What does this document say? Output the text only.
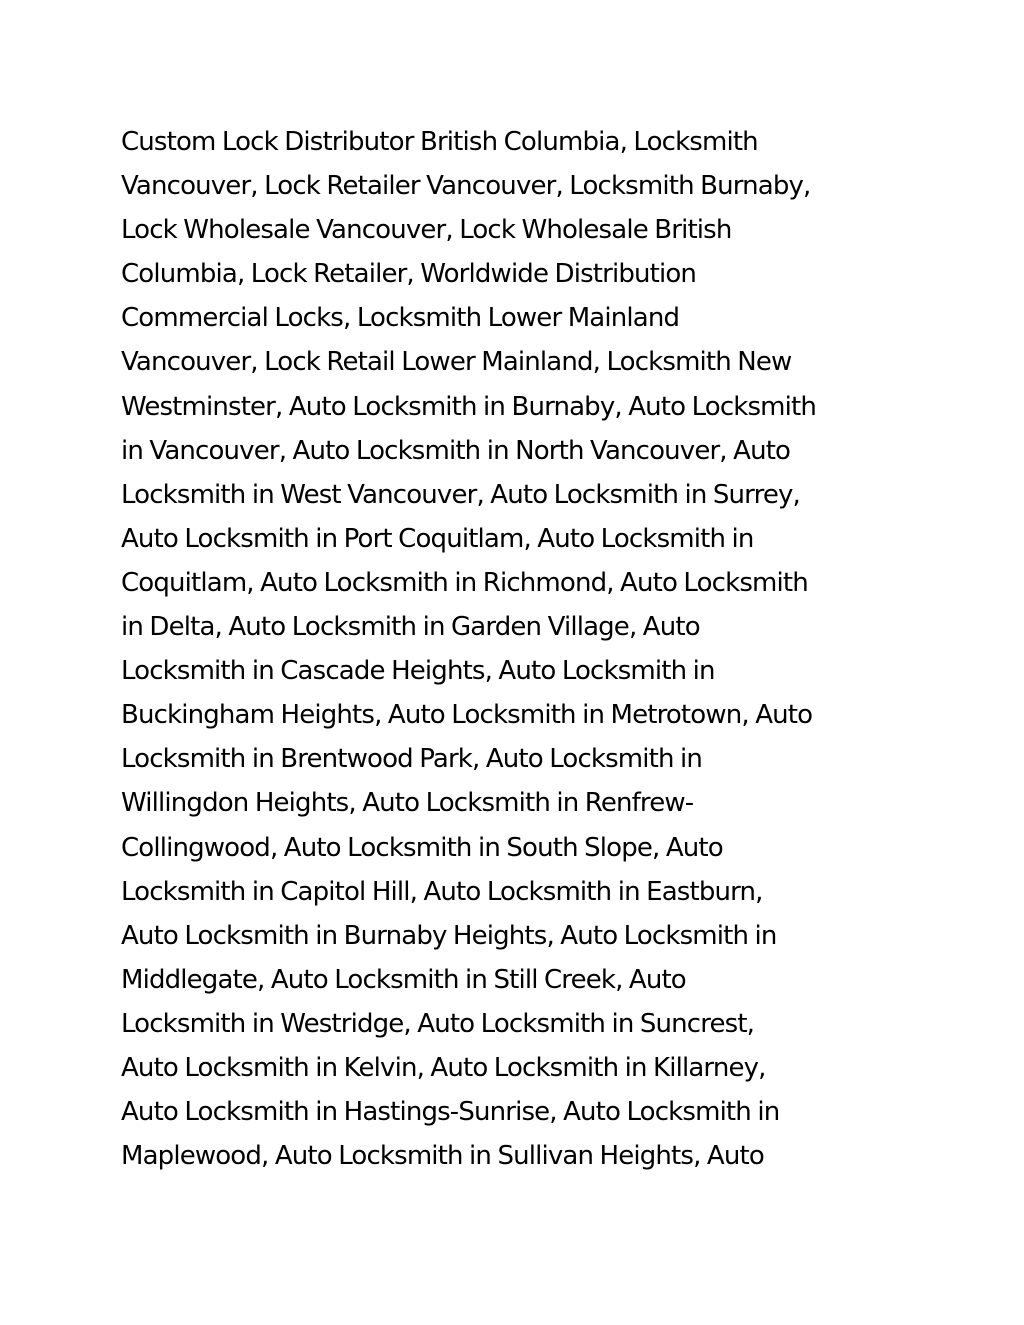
Custom Lock Distributor British Columbia, Locksmith
Vancouver, Lock Retailer Vancouver, Locksmith Burnaby,
Lock Wholesale Vancouver, Lock Wholesale British
Columbia, Lock Retailer, Worldwide Distribution
Commercial Locks, Locksmith Lower Mainland
Vancouver, Lock Retail Lower Mainland, Locksmith New
Westminster, Auto Locksmith in Burnaby, Auto Locksmith
in Vancouver, Auto Locksmith in North Vancouver, Auto
Locksmith in West Vancouver, Auto Locksmith in Surrey,
Auto Locksmith in Port Coquitlam, Auto Locksmith in
Coquitlam, Auto Locksmith in Richmond, Auto Locksmith
in Delta, Auto Locksmith in Garden Village, Auto
Locksmith in Cascade Heights, Auto Locksmith in
Buckingham Heights, Auto Locksmith in Metrotown, Auto
Locksmith in Brentwood Park, Auto Locksmith in
Willingdon Heights, Auto Locksmith in Renfrew-
Collingwood, Auto Locksmith in South Slope, Auto
Locksmith in Capitol Hill, Auto Locksmith in Eastburn,
Auto Locksmith in Burnaby Heights, Auto Locksmith in
Middlegate, Auto Locksmith in Still Creek, Auto
Locksmith in Westridge, Auto Locksmith in Suncrest,
Auto Locksmith in Kelvin, Auto Locksmith in Killarney,
Auto Locksmith in Hastings-Sunrise, Auto Locksmith in
Maplewood, Auto Locksmith in Sullivan Heights, Auto
